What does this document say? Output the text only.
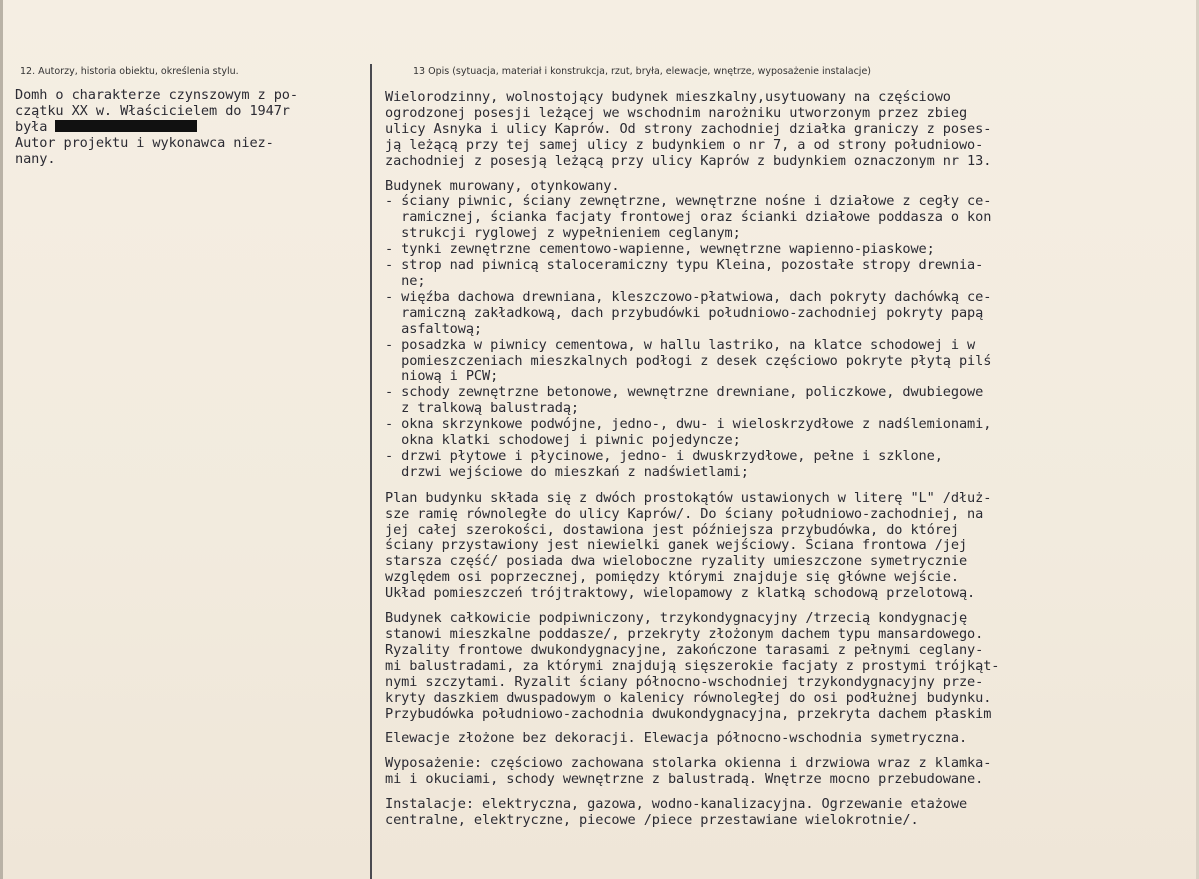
12. Autorzy, historia obiektu, określenia stylu.	13 Opis (sytuacja, materiał i konstrukcja, rzut, bryła, elewacje, wnętrze, wyposażenie instalacje)
Domh o charakterze czynszowym z po-
czątku XX w. Właścicielem do 1947r
była
Autor projektu i wykonawca niez-
nany.
Wielorodzinny, wolnostojący budynek mieszkalny,usytuowany na częściowo
ogrodzonej posesji leżącej we wschodnim narożniku utworzonym przez zbieg
ulicy Asnyka i ulicy Kaprów. Od strony zachodniej działka graniczy z poses-
ją leżącą przy tej samej ulicy z budynkiem o nr 7, a od strony południowo-
zachodniej z posesją leżącą przy ulicy Kaprów z budynkiem oznaczonym nr 13.
Budynek murowany, otynkowany.
- ściany piwnic, ściany zewnętrzne, wewnętrzne nośne i działowe z cegły ce-
ramicznej, ścianka facjaty frontowej oraz ścianki działowe poddasza o kon
strukcji ryglowej z wypełnieniem ceglanym;
- tynki zewnętrzne cementowo-wapienne, wewnętrzne wapienno-piaskowe;
- strop nad piwnicą staloceramiczny typu Kleina, pozostałe stropy drewnia-
ne;
- więźba dachowa drewniana, kleszczowo-płatwiowa, dach pokryty dachówką ce-
ramiczną zakładkową, dach przybudówki południowo-zachodniej pokryty papą
asfaltową;
- posadzka w piwnicy cementowa, w hallu lastriko, na klatce schodowej i w
pomieszczeniach mieszkalnych podłogi z desek częściowo pokryte płytą pilś
niową i PCW;
- schody zewnętrzne betonowe, wewnętrzne drewniane, policzkowe, dwubiegowe
z tralkową balustradą;
- okna skrzynkowe podwójne, jedno-, dwu- i wieloskrzydłowe z nadślemionami,
okna klatki schodowej i piwnic pojedyncze;
- drzwi płytowe i płycinowe, jedno- i dwuskrzydłowe, pełne i szklone,
drzwi wejściowe do mieszkań z nadświetlami;
Plan budynku składa się z dwóch prostokątów ustawionych w literę "L" /dłuż-
sze ramię równoległe do ulicy Kaprów/. Do ściany południowo-zachodniej, na
jej całej szerokości, dostawiona jest późniejsza przybudówka, do której
ściany przystawiony jest niewielki ganek wejściowy. Ściana frontowa /jej
starsza część/ posiada dwa wieloboczne ryzality umieszczone symetrycznie
względem osi poprzecznej, pomiędzy którymi znajduje się główne wejście.
Układ pomieszczeń trójtraktowy, wielopamowy z klatką schodową przelotową.
Budynek całkowicie podpiwniczony, trzykondygnacyjny /trzecią kondygnację
stanowi mieszkalne poddasze/, przekryty złożonym dachem typu mansardowego.
Ryzality frontowe dwukondygnacyjne, zakończone tarasami z pełnymi ceglany-
mi balustradami, za którymi znajdują sięszerokie facjaty z prostymi trójkąt-
nymi szczytami. Ryzalit ściany północno-wschodniej trzykondygnacyjny prze-
kryty daszkiem dwuspadowym o kalenicy równoległej do osi podłużnej budynku.
Przybudówka południowo-zachodnia dwukondygnacyjna, przekryta dachem płaskim
Elewacje złożone bez dekoracji. Elewacja północno-wschodnia symetryczna.
Wyposażenie: częściowo zachowana stolarka okienna i drzwiowa wraz z klamka-
mi i okuciami, schody wewnętrzne z balustradą. Wnętrze mocno przebudowane.
Instalacje: elektryczna, gazowa, wodno-kanalizacyjna. Ogrzewanie etażowe
centralne, elektryczne, piecowe /piece przestawiane wielokrotnie/.
